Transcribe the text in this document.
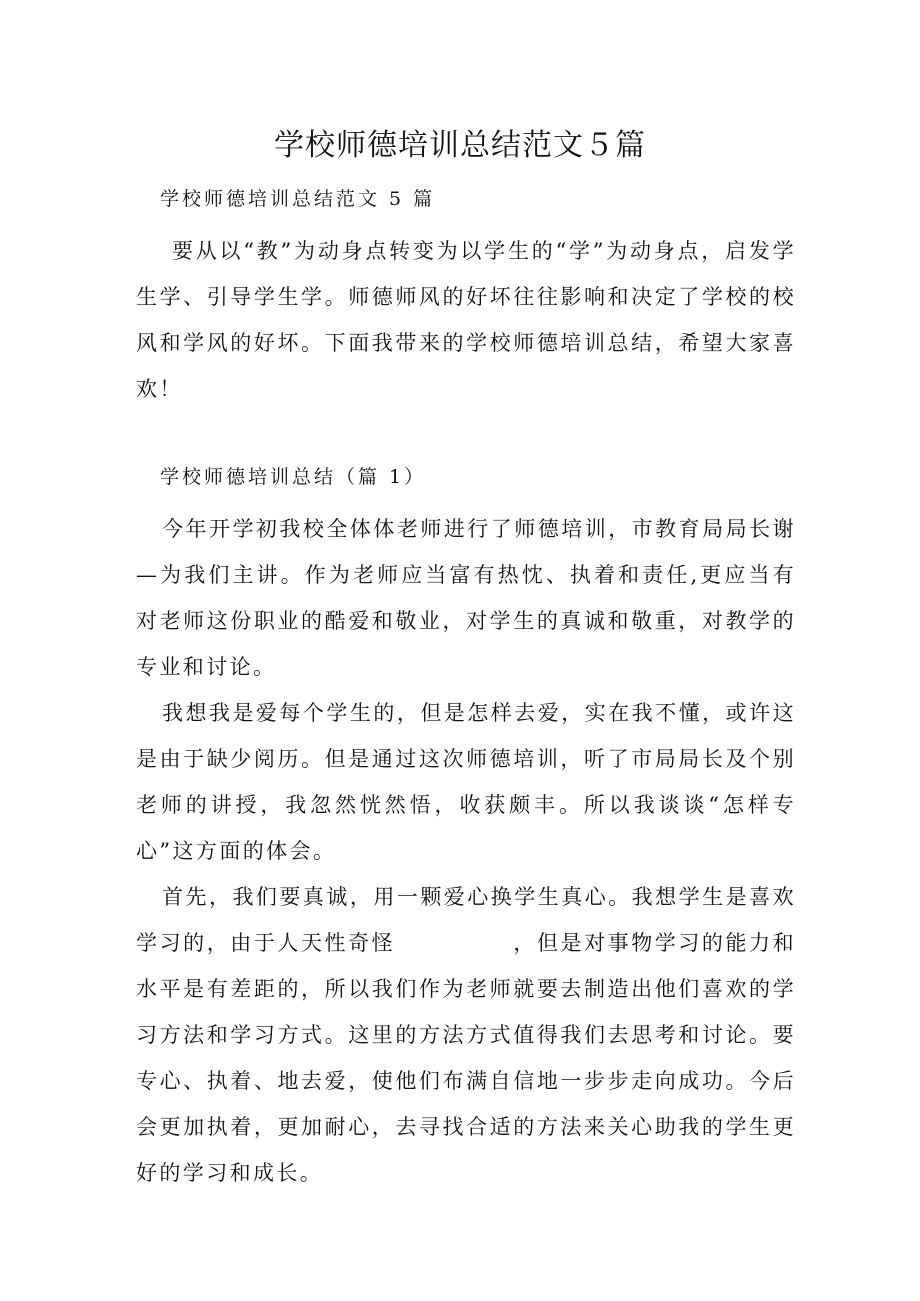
学校师德培训总结范文５篇

学校师德培训总结范文 5 篇

要从以“教”为动身点转变为以学生的“学”为动身点，启发学生学、引导学生学。师德师风的好坏往往影响和决定了学校的校风和学风的好坏。下面我带来的学校师德培训总结，希望大家喜欢！

学校师德培训总结（篇 1）

今年开学初我校全体体老师进行了师德培训，市教育局局长谢—为我们主讲。作为老师应当富有热忱、执着和责任,更应当有对老师这份职业的酷爱和敬业，对学生的真诚和敬重，对教学的专业和讨论。

我想我是爱每个学生的，但是怎样去爱，实在我不懂，或许这是由于缺少阅历。但是通过这次师德培训，听了市局局长及个别老师的讲授，我忽然恍然悟，收获颇丰。所以我谈谈“怎样专心”这方面的体会。

首先，我们要真诚，用一颗爱心换学生真心。我想学生是喜欢学习的，由于人天性奇怪	，但是对事物学习的能力和水平是有差距的，所以我们作为老师就要去制造出他们喜欢的学习方法和学习方式。这里的方法方式值得我们去思考和讨论。要专心、执着、地去爱，使他们布满自信地一步步走向成功。今后会更加执着，更加耐心，去寻找合适的方法来关心助我的学生更好的学习和成长。
